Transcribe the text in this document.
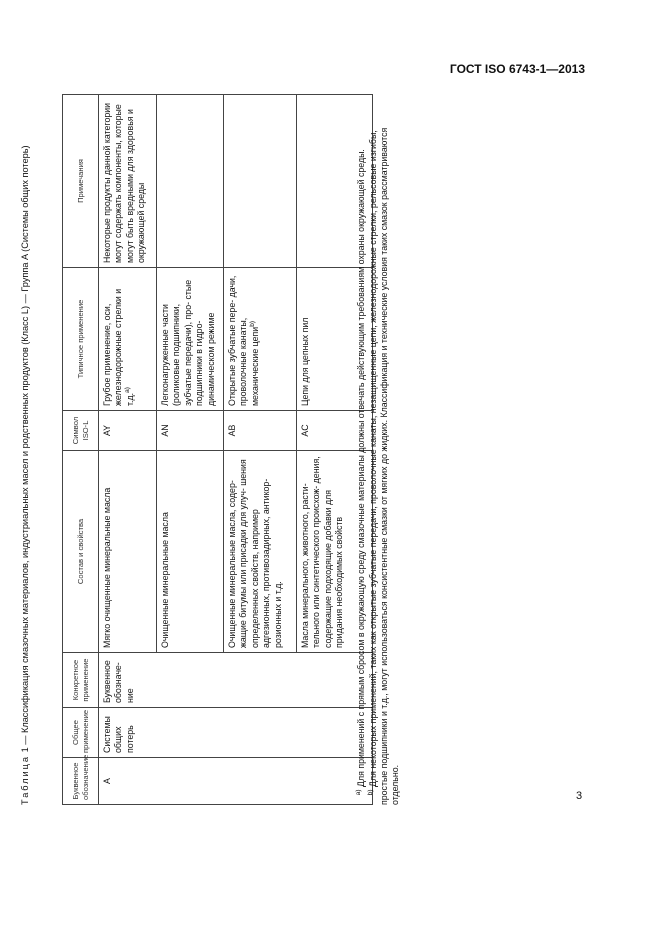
ГОСТ ISO 6743-1—2013
Таблица 1 — Классификация смазочных материалов, индустриальных масел и родственных продуктов (Класс L) — Группа A (Системы общих потерь)
Буквенное обозначение	Общее применение	Конкретное применение	Состав и свойства	Символ ISO-L	Типичное применение	Примечания
A	Системы общих потерь	Буквенное обозначе- ние	Мягко очищенные минеральные масла	AY	Грубое применение, оси, железнодорожные стрелки и т.д.$^{а)}$	Некоторые продукты данной категории могут содержать компоненты, которые могут быть вредными для здоровья и окружающей среды
			Очищенные минеральные масла	AN	Легконагруженные части (роликовые подшипники, зубчатые передачи), про- стые подшипники в гидро- динамическом режиме	
			Очищенные минеральные масла, содер- жащие битумы или присадки для улуч- шения определенных свойств, например адгезионных, противозадирных, антикор- розионных и т.д.	AB	Открытые зубчатые пере- дачи, проволочные канаты, механические цепи$^{b)}$	
			Масла минерального, животного, расти- тельного или синтетического происхож- дения, содержащие подходящие добавки для придания необходимых свойств	AC	Цепи для цепных пил	

$^{а)}$ Для применений с прямым сбросом в окружающую среду смазочные материалы должны отвечать действующим требованиям охраны окружающей среды.

$^{b)}$ Для некоторых применений, таких как открытые зубчатые передачи, проволочные канаты, незащищенные цепи, железнодорожные стрелки, рельсовые изгибы, простые подшипники и т.д., могут использоваться консистентные смазки от мягких до жидких. Классификация и технические условия таких смазок рассматриваются отдельно.	3
